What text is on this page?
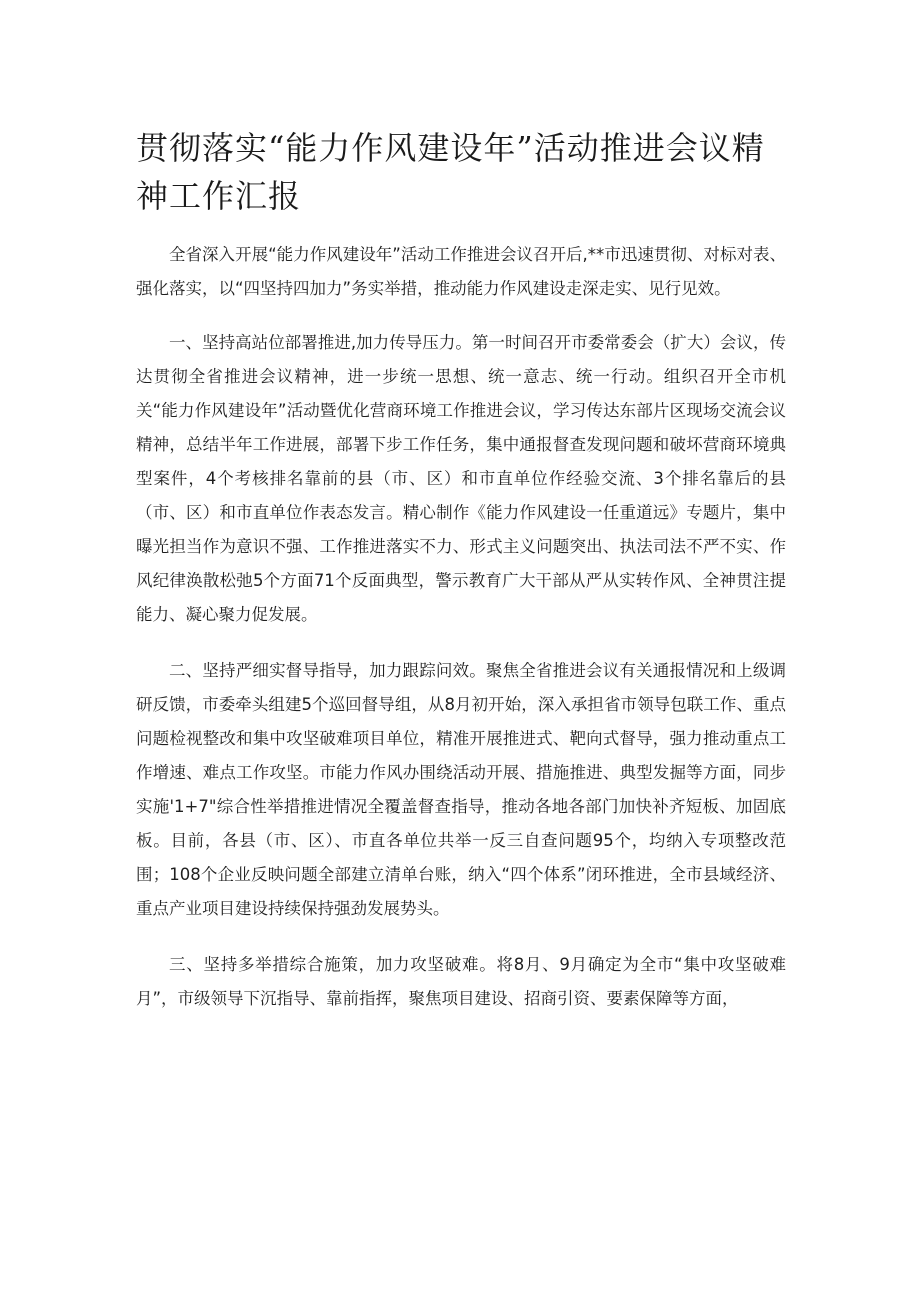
贯彻落实“能力作风建设年”活动推进会议精神工作汇报

全省深入开展“能力作风建设年”活动工作推进会议召开后,**市迅速贯彻、对标对表、强化落实，以“四坚持四加力”务实举措，推动能力作风建设走深走实、见行见效。

一、坚持高站位部署推进,加力传导压力。第一时间召开市委常委会（扩大）会议，传达贯彻全省推进会议精神，进一步统一思想、统一意志、统一行动。组织召开全市机关“能力作风建设年”活动暨优化营商环境工作推进会议，学习传达东部片区现场交流会议精神，总结半年工作进展，部署下步工作任务，集中通报督查发现问题和破坏营商环境典型案件，4个考核排名靠前的县（市、区）和市直单位作经验交流、3个排名靠后的县（市、区）和市直单位作表态发言。精心制作《能力作风建设一任重道远》专题片，集中曝光担当作为意识不强、工作推进落实不力、形式主义问题突出、执法司法不严不实、作风纪律涣散松弛5个方面71个反面典型，警示教育广大干部从严从实转作风、全神贯注提能力、凝心聚力促发展。

二、坚持严细实督导指导，加力跟踪问效。聚焦全省推进会议有关通报情况和上级调研反馈，市委牵头组建5个巡回督导组，从8月初开始，深入承担省市领导包联工作、重点问题检视整改和集中攻坚破难项目单位，精准开展推进式、靶向式督导，强力推动重点工作增速、难点工作攻坚。市能力作风办围绕活动开展、措施推进、典型发掘等方面，同步实施'1+7"综合性举措推进情况全覆盖督查指导，推动各地各部门加快补齐短板、加固底板。目前，各县（市、区）、市直各单位共举一反三自查问题95个，均纳入专项整改范围；108个企业反映问题全部建立清单台账，纳入“四个体系”闭环推进，全市县域经济、重点产业项目建设持续保持强劲发展势头。

三、坚持多举措综合施策，加力攻坚破难。将8月、9月确定为全市“集中攻坚破难月”，市级领导下沉指导、靠前指挥，聚焦项目建设、招商引资、要素保障等方面，
